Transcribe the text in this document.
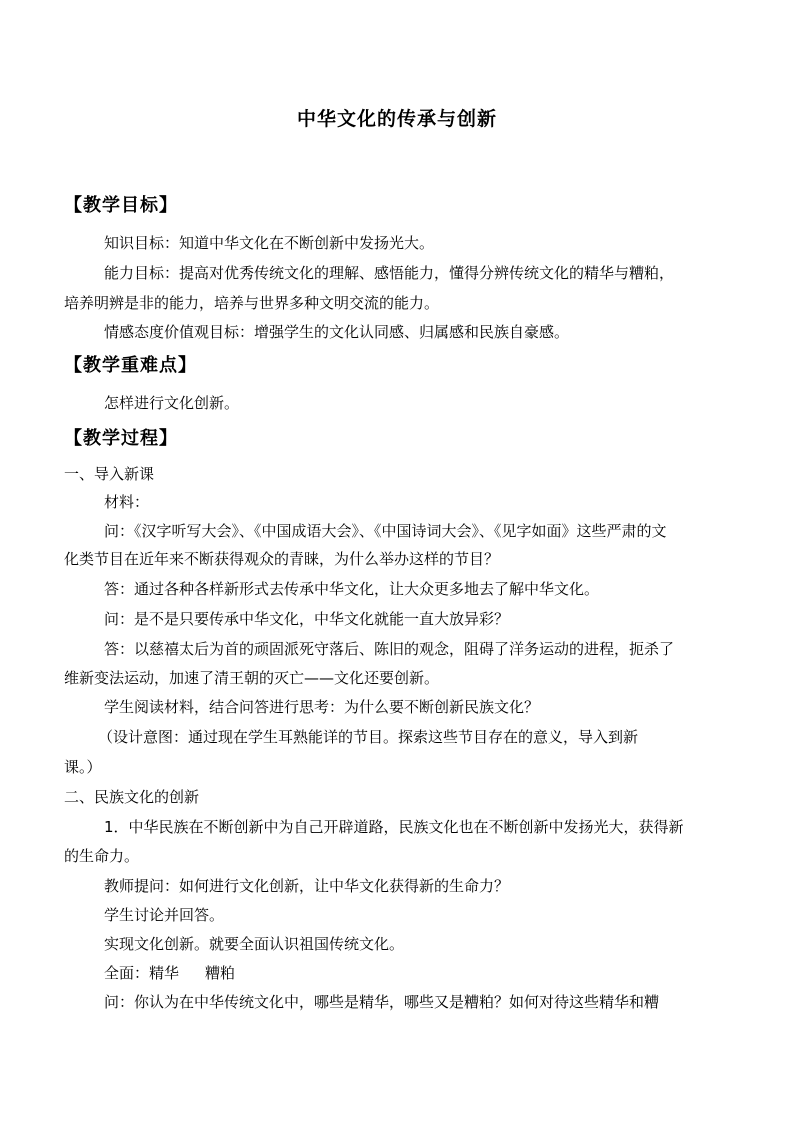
中华文化的传承与创新
【教学目标】

知识目标：知道中华文化在不断创新中发扬光大。

能力目标：提高对优秀传统文化的理解、感悟能力，懂得分辨传统文化的精华与糟粕，

培养明辨是非的能力，培养与世界多种文明交流的能力。

情感态度价值观目标：增强学生的文化认同感、归属感和民族自豪感。

【教学重难点】

怎样进行文化创新。

【教学过程】

一、导入新课

材料：

问：《汉字听写大会》、《中国成语大会》、《中国诗词大会》、《见字如面》这些严肃的文

化类节目在近年来不断获得观众的青睐，为什么举办这样的节目？

答：通过各种各样新形式去传承中华文化，让大众更多地去了解中华文化。

问：是不是只要传承中华文化，中华文化就能一直大放异彩？

答：以慈禧太后为首的顽固派死守落后、陈旧的观念，阻碍了洋务运动的进程，扼杀了

维新变法运动，加速了清王朝的灭亡——文化还要创新。

学生阅读材料，结合问答进行思考：为什么要不断创新民族文化？

（设计意图：通过现在学生耳熟能详的节目。探索这些节目存在的意义，导入到新

课。）

二、民族文化的创新

1．中华民族在不断创新中为自己开辟道路，民族文化也在不断创新中发扬光大，获得新

的生命力。

教师提问：如何进行文化创新，让中华文化获得新的生命力？

学生讨论并回答。

实现文化创新。就要全面认识祖国传统文化。

全面：精华 糟粕

问：你认为在中华传统文化中，哪些是精华，哪些又是糟粕？如何对待这些精华和糟
